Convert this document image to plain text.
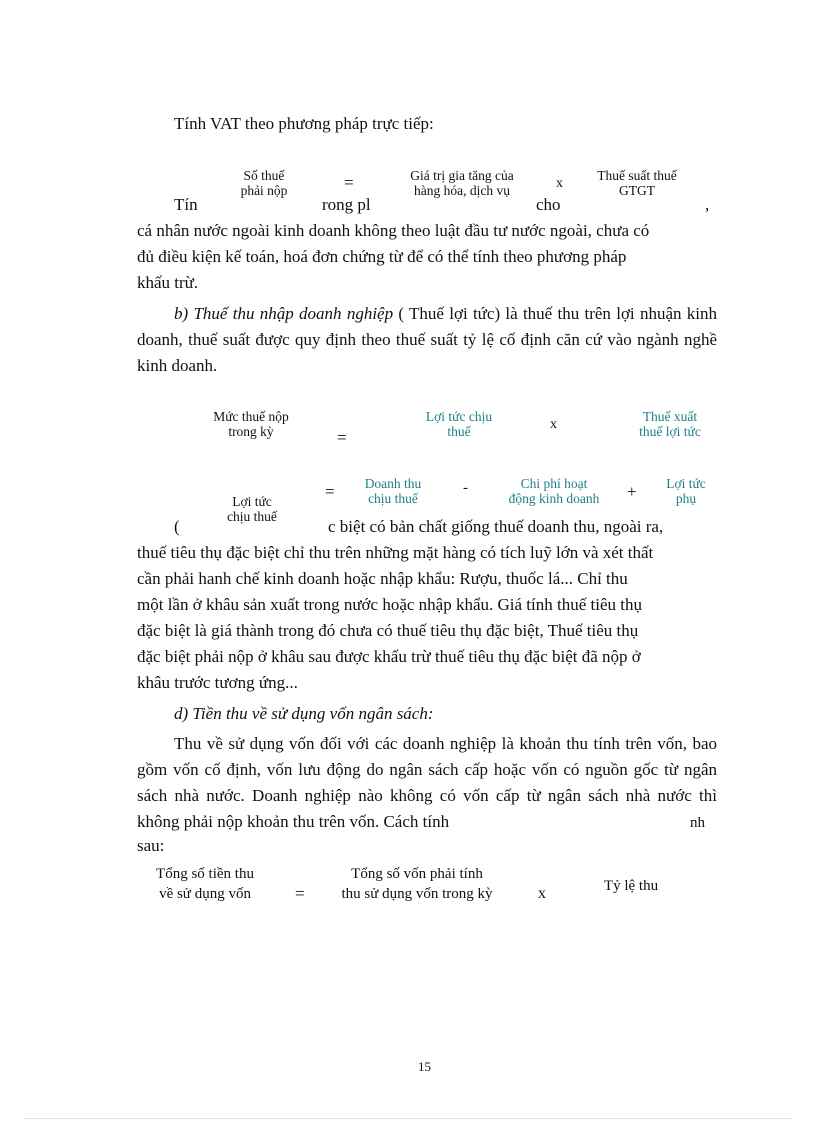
Tính VAT theo phương pháp trực tiếp:
Số thuế
phải nộp	=	Giá trị gia tăng của
hàng hóa, dịch vụ	x
Thuế suất thuế
GTGT
Tín	rong pl	cho	,
cá nhân nước ngoài kinh doanh không theo luật đầu tư nước ngoài, chưa có
đủ điều kiện kế toán, hoá đơn chứng từ để có thể tính theo phương pháp
khấu trừ.
b) Thuế thu nhập doanh nghiệp ( Thuế lợi tức) là thuế thu trên lợi nhuận kinh doanh, thuế suất được quy định theo thuế suất tỷ lệ cố định căn cứ vào ngành nghề kinh doanh.
Mức thuế nộp
trong kỳ	=
Lợi tức chịu
thuế	x
Thuế xuất
thuế lợi tức
Doanh thu
chịu thuế
=	-	Chi phí hoạt
động kinh doanh	+	Lợi tức
phụ
(	c biệt có bản chất giống thuế doanh thu, ngoài ra,
Lợi tức
chịu thuế
thuế tiêu thụ đặc biệt chỉ thu trên những mặt hàng có tích luỹ lớn và xét thất
cần phải hanh chế kinh doanh hoặc nhập khẩu: Rượu, thuốc lá... Chỉ thu
một lần ở khâu sản xuất trong nước hoặc nhập khẩu. Giá tính thuế tiêu thụ
đặc biệt là giá thành trong đó chưa có thuế tiêu thụ đặc biệt, Thuế tiêu thụ
đặc biệt phải nộp ở khâu sau được khấu trừ thuế tiêu thụ đặc biệt đã nộp ở
khâu trước tương ứng...
d) Tiền thu về sử dụng vốn ngân sách:
Thu về sử dụng vốn đối với các doanh nghiệp là khoản thu tính trên vốn, bao gồm vốn cố định, vốn lưu động do ngân sách cấp hoặc vốn có nguồn gốc từ ngân sách nhà nước. Doanh nghiệp nào không có vốn cấp từ ngân sách nhà nước thì không phải nộp khoản thu trên vốn. Cách tính	nh
sau:
Tổng số tiền thu
về sử dụng vốn	=
Tổng số vốn phải tính
thu sử dụng vốn trong kỳ	x	Tỷ lệ thu
15
